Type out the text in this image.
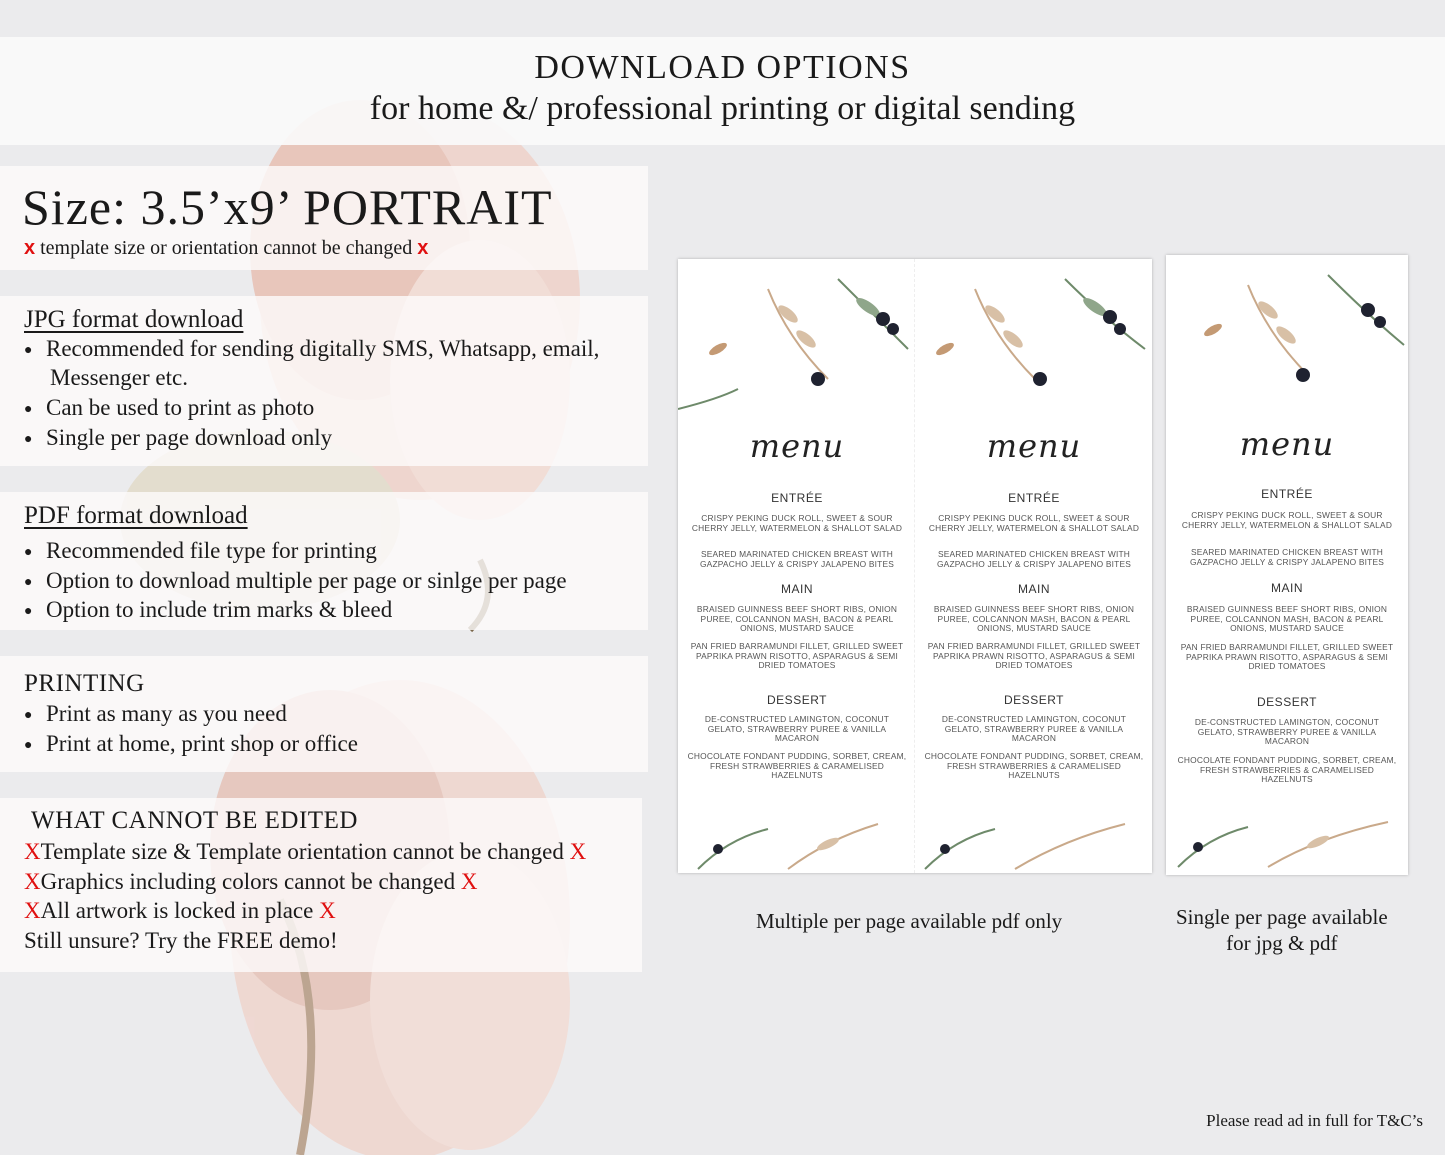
DOWNLOAD OPTIONS
for home &/ professional printing or digital sending
Size: 3.5’x9’ PORTRAIT
x template size or orientation cannot be changed x
JPG format download
● Recommended for sending digitally SMS, Whatsapp, email,
Messenger etc.
● Can be used to print as photo
● Single per page download only
PDF format download
● Recommended file type for printing
● Option to download multiple per page or sinlge per page
● Option to include trim marks & bleed
PRINTING
● Print as many as you need
● Print at home, print shop or office
WHAT CANNOT BE EDITED
XTemplate size & Template orientation cannot be changed X
XGraphics including colors cannot be changed X
XAll artwork is locked in place X
Still unsure? Try the FREE demo!
menu
ENTRÉE
CRISPY PEKING DUCK ROLL, SWEET & SOUR CHERRY JELLY, WATERMELON & SHALLOT SALAD
SEARED MARINATED CHICKEN BREAST WITH GAZPACHO JELLY & CRISPY JALAPENO BITES
MAIN
BRAISED GUINNESS BEEF SHORT RIBS, ONION PUREE, COLCANNON MASH, BACON & PEARL ONIONS, MUSTARD SAUCE
PAN FRIED BARRAMUNDI FILLET, GRILLED SWEET PAPRIKA PRAWN RISOTTO, ASPARAGUS & SEMI DRIED TOMATOES
DESSERT
DE-CONSTRUCTED LAMINGTON, COCONUT GELATO, STRAWBERRY PUREE & VANILLA MACARON
CHOCOLATE FONDANT PUDDING, SORBET, CREAM, FRESH STRAWBERRIES & CARAMELISED HAZELNUTS
menu
ENTRÉE
CRISPY PEKING DUCK ROLL, SWEET & SOUR CHERRY JELLY, WATERMELON & SHALLOT SALAD
SEARED MARINATED CHICKEN BREAST WITH GAZPACHO JELLY & CRISPY JALAPENO BITES
MAIN
BRAISED GUINNESS BEEF SHORT RIBS, ONION PUREE, COLCANNON MASH, BACON & PEARL ONIONS, MUSTARD SAUCE
PAN FRIED BARRAMUNDI FILLET, GRILLED SWEET PAPRIKA PRAWN RISOTTO, ASPARAGUS & SEMI DRIED TOMATOES
DESSERT
DE-CONSTRUCTED LAMINGTON, COCONUT GELATO, STRAWBERRY PUREE & VANILLA MACARON
CHOCOLATE FONDANT PUDDING, SORBET, CREAM, FRESH STRAWBERRIES & CARAMELISED HAZELNUTS
menu
ENTRÉE
CRISPY PEKING DUCK ROLL, SWEET & SOUR CHERRY JELLY, WATERMELON & SHALLOT SALAD
SEARED MARINATED CHICKEN BREAST WITH GAZPACHO JELLY & CRISPY JALAPENO BITES
MAIN
BRAISED GUINNESS BEEF SHORT RIBS, ONION PUREE, COLCANNON MASH, BACON & PEARL ONIONS, MUSTARD SAUCE
PAN FRIED BARRAMUNDI FILLET, GRILLED SWEET PAPRIKA PRAWN RISOTTO, ASPARAGUS & SEMI DRIED TOMATOES
DESSERT
DE-CONSTRUCTED LAMINGTON, COCONUT GELATO, STRAWBERRY PUREE & VANILLA MACARON
CHOCOLATE FONDANT PUDDING, SORBET, CREAM, FRESH STRAWBERRIES & CARAMELISED HAZELNUTS
Multiple per page available pdf only	Single per page available
for jpg & pdf
Please read ad in full for T&C’s
